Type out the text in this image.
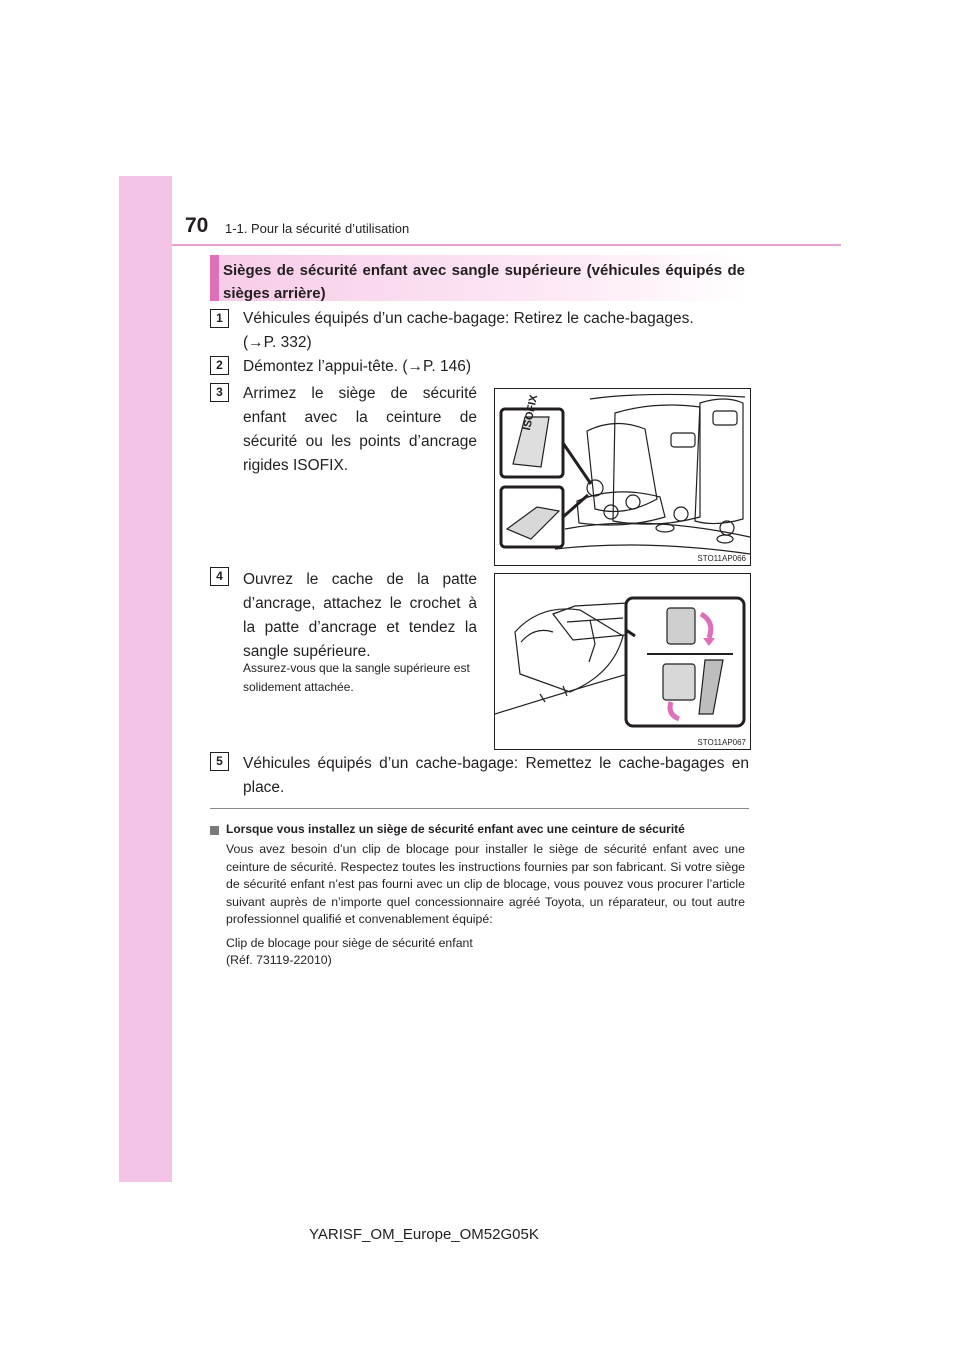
70 1-1. Pour la sécurité d’utilisation
Sièges de sécurité enfant avec sangle supérieure (véhicules équipés de sièges arrière)
1	Véhicules équipés d’un cache-bagage: Retirez le cache-bagages.
(→P. 332)
2	Démontez l’appui-tête. (→P. 146)
3	Arrimez le siège de sécurité enfant avec la ceinture de sécurité ou les points d’ancrage rigides ISOFIX.
ISOFIX
STO11AP066
4	Ouvrez le cache de la patte d’ancrage, attachez le crochet à la patte d’ancrage et tendez la sangle supérieure.
Assurez-vous que la sangle supérieure est solidement attachée.
STO11AP067
5	Véhicules équipés d’un cache-bagage: Remettez le cache-bagages en place.
Lorsque vous installez un siège de sécurité enfant avec une ceinture de sécurité
Vous avez besoin d’un clip de blocage pour installer le siège de sécurité enfant avec une ceinture de sécurité. Respectez toutes les instructions fournies par son fabricant. Si votre siège de sécurité enfant n’est pas fourni avec un clip de blocage, vous pouvez vous procurer l’article suivant auprès de n’importe quel concessionnaire agréé Toyota, un réparateur, ou tout autre professionnel qualifié et convenablement équipé:
Clip de blocage pour siège de sécurité enfant
(Réf. 73119-22010)
YARISF_OM_Europe_OM52G05K
